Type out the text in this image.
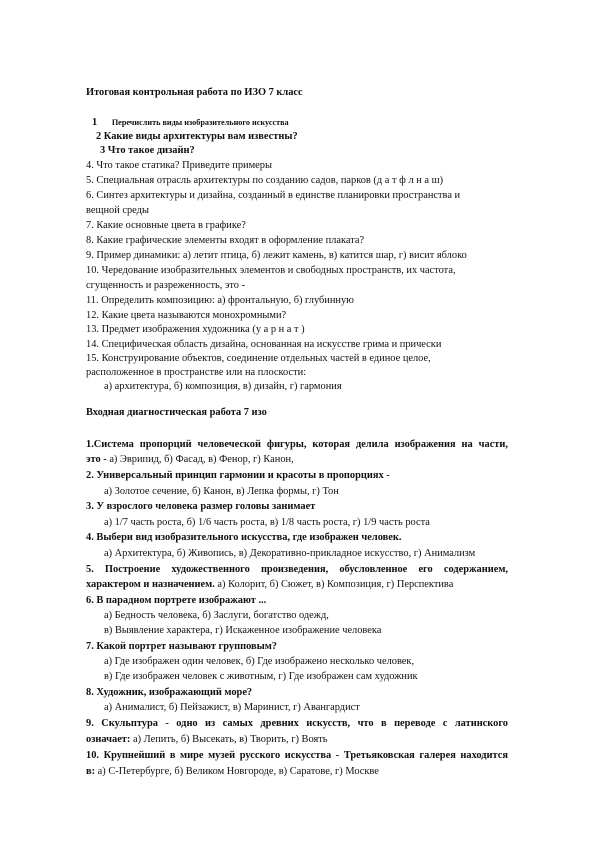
Итоговая контрольная работа по ИЗО 7 класс
1 Перечислить виды изобразительного искусства
2 Какие виды архитектуры вам известны?
3 Что такое дизайн?
4. Что такое статика? Приведите примеры
5. Специальная отрасль архитектуры по созданию садов, парков (д а т ф л н а ш)
6. Синтез архитектуры и дизайна, созданный в единстве планировки пространства и
вещной среды
7. Какие основные цвета в графике?
8. Какие графические элементы входят в оформление плаката?
9. Пример динамики: а) летит птица, б) лежит камень, в) катится шар, г) висит яблоко
10. Чередование изобразительных элементов и свободных пространств, их частота,
сгущенность и разреженность, это -
11. Определить композицию: а) фронтальную, б) глубинную
12. Какие цвета называются монохромными?
13. Предмет изображения художника (у а р н а т )
14. Специфическая область дизайна, основанная на искусстве грима и прически
15. Конструирование объектов, соединение отдельных частей в единое целое,
расположенное в пространстве или на плоскости:
а) архитектура, б) композиция, в) дизайн, г) гармония
Входная диагностическая работа 7 изо
1.Система пропорций человеческой фигуры, которая делила изображения на части,
это - а) Эврипид, б) Фасад, в) Фенор, г) Канон,
2. Универсальный принцип гармонии и красоты в пропорциях -
а) Золотое сечение, б) Канон, в) Лепка формы, г) Тон
3. У взрослого человека размер головы занимает
а) 1/7 часть роста, б) 1/6 часть роста, в) 1/8 часть роста, г) 1/9 часть роста
4. Выбери вид изобразительного искусства, где изображен человек.
а) Архитектура, б) Живопись, в) Декоративно-прикладное искусство, г) Анимализм
5. Построение художественного произведения, обусловленное его содержанием,
характером и назначением. а) Колорит, б) Сюжет, в) Композиция, г) Перспектива
6. В парадном портрете изображают ...
а) Бедность человека, б) Заслуги, богатство одежд,
в) Выявление характера, г) Искаженное изображение человека
7. Какой портрет называют групповым?
а) Где изображен один человек, б) Где изображено несколько человек,
в) Где изображен человек с животным, г) Где изображен сам художник
8. Художник, изображающий море?
а) Анималист, б) Пейзажист, в) Маринист, г) Авангардист
9. Скульптура - одно из самых древних искусств, что в переводе с латинского
означает: а) Лепить, б) Высекать, в) Творить, г) Воять
10. Крупнейший в мире музей русского искусства - Третьяковская галерея находится
в: а) С-Петербурге, б) Великом Новгороде, в) Саратове, г) Москве
